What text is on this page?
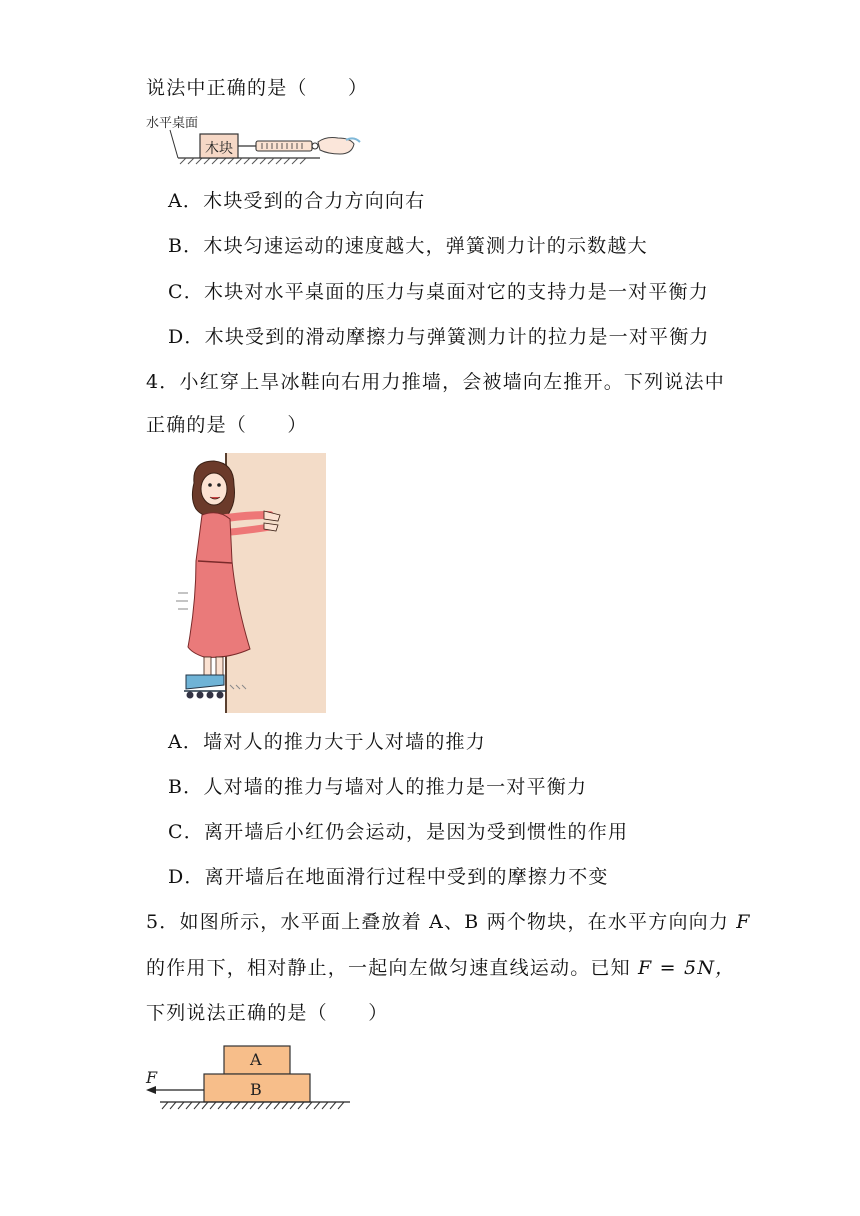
说法中正确的是（　　）
水平桌面
木块
A．木块受到的合力方向向右
B．木块匀速运动的速度越大，弹簧测力计的示数越大
C．木块对水平桌面的压力与桌面对它的支持力是一对平衡力
D．木块受到的滑动摩擦力与弹簧测力计的拉力是一对平衡力
4．小红穿上旱冰鞋向右用力推墙，会被墙向左推开。下列说法中
正确的是（　　）
A．墙对人的推力大于人对墙的推力
B．人对墙的推力与墙对人的推力是一对平衡力
C．离开墙后小红仍会运动，是因为受到惯性的作用
D．离开墙后在地面滑行过程中受到的摩擦力不变
5．如图所示，水平面上叠放着 A、B 两个物块，在水平方向向力 F
的作用下，相对静止，一起向左做匀速直线运动。已知 F = 5N，
下列说法正确的是（　　）
A
B
F
